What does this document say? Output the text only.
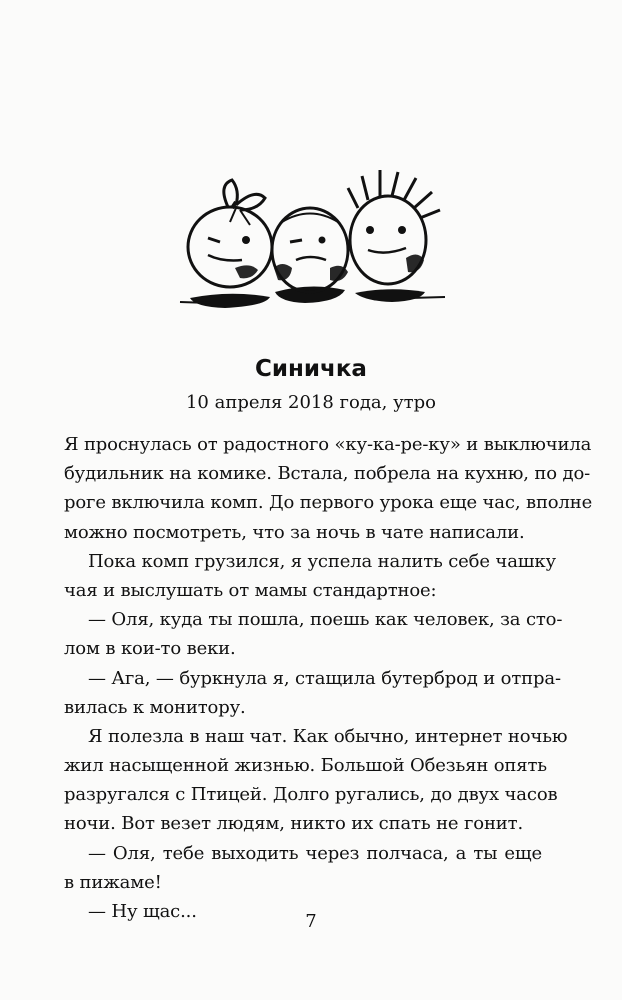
Синичка
10 апреля 2018 года, утро
Я проснулась от радостного «ку-ка-ре-ку» и выключила
будильник на комике. Встала, побрела на кухню, по до-
роге включила комп. До первого урока еще час, вполне
можно посмотреть, что за ночь в чате написали.
Пока комп грузился, я успела налить себе чашку
чая и выслушать от мамы стандартное:
— Оля, куда ты пошла, поешь как человек, за сто-
лом в кои-то веки.
— Ага, — буркнула я, стащила бутерброд и отпра-
вилась к монитору.
Я полезла в наш чат. Как обычно, интернет ночью
жил насыщенной жизнью. Большой Обезьян опять
разругался с Птицей. Долго ругались, до двух часов
ночи. Вот везет людям, никто их спать не гонит.
— Оля, тебе выходить через полчаса, а ты еще
в пижаме!
— Ну щас...	7
